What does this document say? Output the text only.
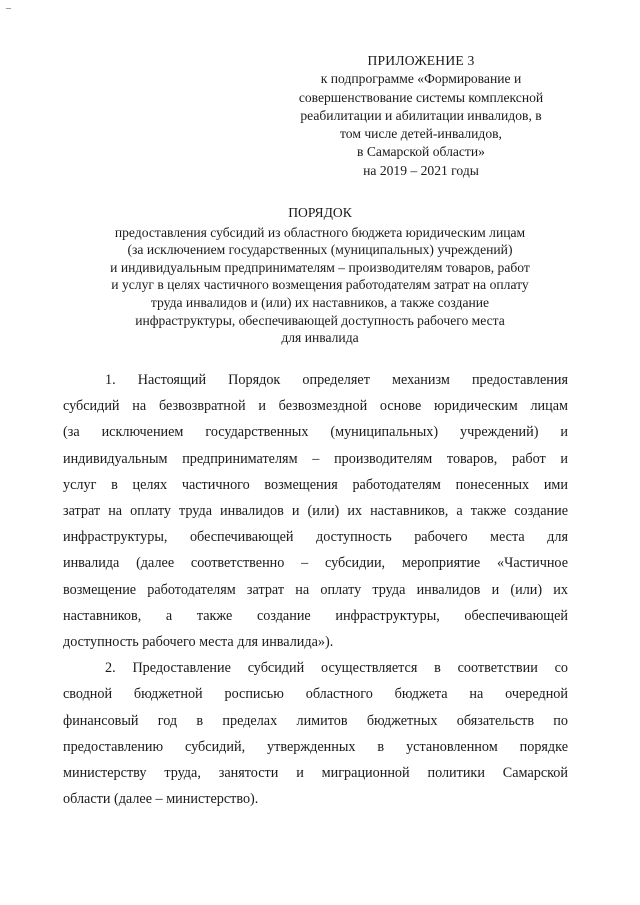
–
ПРИЛОЖЕНИЕ 3
к подпрограмме «Формирование и
совершенствование системы комплексной
реабилитации и абилитации инвалидов, в
том числе детей-инвалидов,
в Самарской области»
на 2019 – 2021 годы
ПОРЯДОК
предоставления субсидий из областного бюджета юридическим лицам
(за исключением государственных (муниципальных) учреждений)
и индивидуальным предпринимателям – производителям товаров, работ
и услуг в целях частичного возмещения работодателям затрат на оплату
труда инвалидов и (или) их наставников, а также создание
инфраструктуры, обеспечивающей доступность рабочего места
для инвалида
1. Настоящий Порядок определяет механизм предоставления
субсидий на безвозвратной и безвозмездной основе юридическим лицам
(за исключением государственных (муниципальных) учреждений) и
индивидуальным предпринимателям – производителям товаров, работ и
услуг в целях частичного возмещения работодателям понесенных ими
затрат на оплату труда инвалидов и (или) их наставников, а также создание
инфраструктуры, обеспечивающей доступность рабочего места для
инвалида (далее соответственно – субсидии, мероприятие «Частичное
возмещение работодателям затрат на оплату труда инвалидов и (или) их
наставников, а также создание инфраструктуры, обеспечивающей
доступность рабочего места для инвалида»).
2. Предоставление субсидий осуществляется в соответствии со
сводной бюджетной росписью областного бюджета на очередной
финансовый год в пределах лимитов бюджетных обязательств по
предоставлению субсидий, утвержденных в установленном порядке
министерству труда, занятости и миграционной политики Самарской
области (далее – министерство).
